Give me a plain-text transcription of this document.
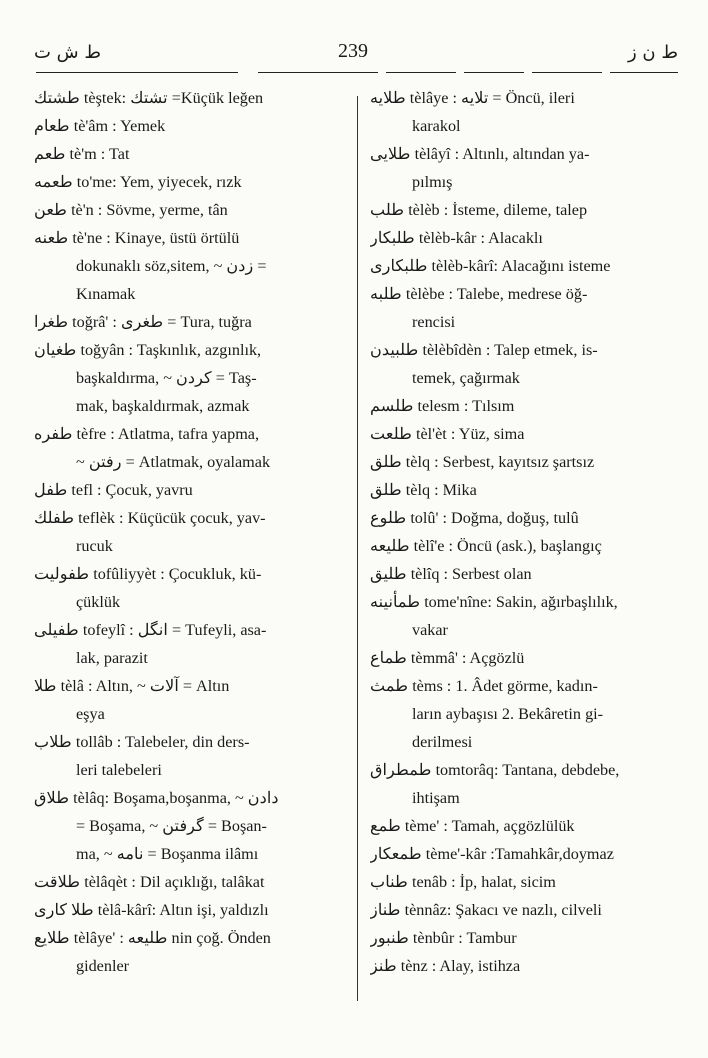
ط ش ت	239	ط ن ز
طشتك tèştek: تشتك =Küçük leğen
طعام tè'âm : Yemek
طعم tè'm : Tat
طعمه to'me: Yem, yiyecek, rızk
طعن tè'n : Sövme, yerme, tân
طعنه tè'ne : Kinaye, üstü örtülü
dokunaklı söz,sitem, ~ زدن =
Kınamak
طغرا toğrâ' : طغرى = Tura, tuğra
طغيان toğyân : Taşkınlık, azgınlık,
başkaldırma, ~ كردن = Taş-
mak, başkaldırmak, azmak
طفره tèfre : Atlatma, tafra yapma,
~ رفتن = Atlatmak, oyalamak
طفل tefl : Çocuk, yavru
طفلك teflèk : Küçücük çocuk, yav-
rucuk
طفوليت tofûliyyèt : Çocukluk, kü-
çüklük
طفيلى tofeylî : انگل = Tufeyli, asa-
lak, parazit
طلا tèlâ : Altın, ~ آلات = Altın
eşya
طلاب tollâb : Talebeler, din ders-
leri talebeleri
طلاق tèlâq: Boşama,boşanma, ~ دادن
= Boşama, ~ گرفتن = Boşan-
ma, ~ نامه = Boşanma ilâmı
طلاقت tèlâqèt : Dil açıklığı, talâkat
طلا كارى tèlâ-kârî: Altın işi, yaldızlı
طلايع tèlâye' : طليعه nin çoğ. Önden
gidenler
طلايه tèlâye : تلايه = Öncü, ileri
karakol
طلايى tèlâyî : Altınlı, altından ya-
pılmış
طلب tèlèb : İsteme, dileme, talep
طلبكار tèlèb-kâr : Alacaklı
طلبكارى tèlèb-kârî: Alacağını isteme
طلبه tèlèbe : Talebe, medrese öğ-
rencisi
طلبيدن tèlèbîdèn : Talep etmek, is-
temek, çağırmak
طلسم telesm : Tılsım
طلعت tèl'èt : Yüz, sima
طلق tèlq : Serbest, kayıtsız şartsız
طلق tèlq : Mika
طلوع tolû' : Doğma, doğuş, tulû
طليعه tèlî'e : Öncü (ask.), başlangıç
طليق tèlîq : Serbest olan
طمأنينه tome'nîne: Sakin, ağırbaşlılık,
vakar
طماع tèmmâ' : Açgözlü
طمث tèms : 1. Âdet görme, kadın-
ların aybaşısı 2. Bekâretin gi-
derilmesi
طمطراق tomtorâq: Tantana, debdebe,
ihtişam
طمع tème' : Tamah, açgözlülük
طمعكار tème'-kâr :Tamahkâr,doymaz
طناب tenâb : İp, halat, sicim
طناز tènnâz: Şakacı ve nazlı, cilveli
طنبور tènbûr : Tambur
طنز tènz : Alay, istihza
